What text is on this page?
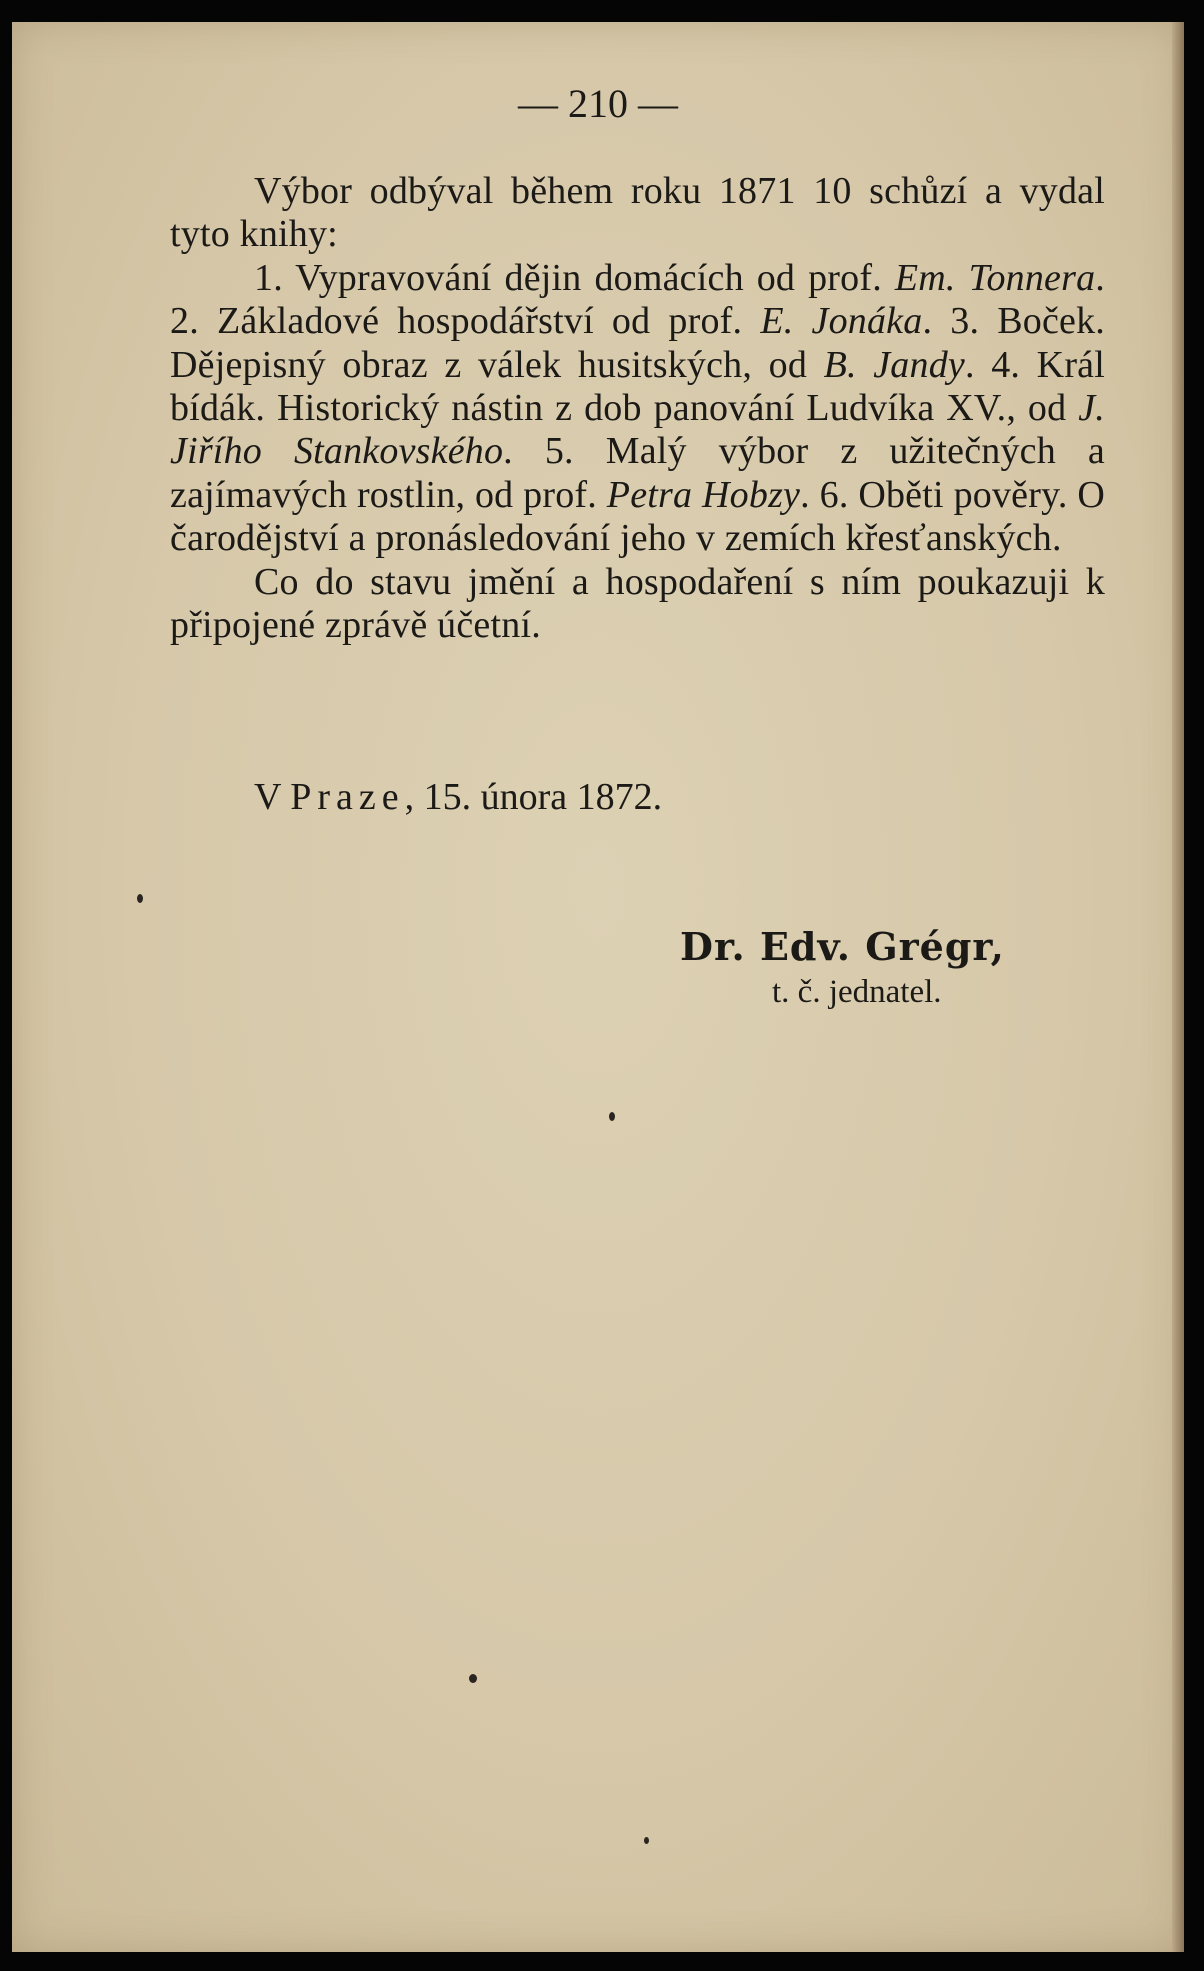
— 210 —

Výbor odbýval během roku 1871 10 schůzí a vydal tyto knihy:

1. Vypravování dějin domácích od prof. Em. Tonnera. 2. Základové hospodářství od prof. E. Jonáka. 3. Boček. Dějepisný obraz z válek husitských, od B. Jandy. 4. Král bídák. Historický nástin z dob panování Ludvíka XV., od J. Jiřího Stankovského. 5. Malý výbor z užitečných a zajímavých rostlin, od prof. Petra Hobzy. 6. Oběti pověry. O čarodějství a pronásledování jeho v zemích křesťanských.

Co do stavu jmění a hospodaření s ním poukazuji k připojené zprávě účetní.

V Praze, 15. února 1872.
Dr. Edv. Grégr,
t. č. jednatel.
